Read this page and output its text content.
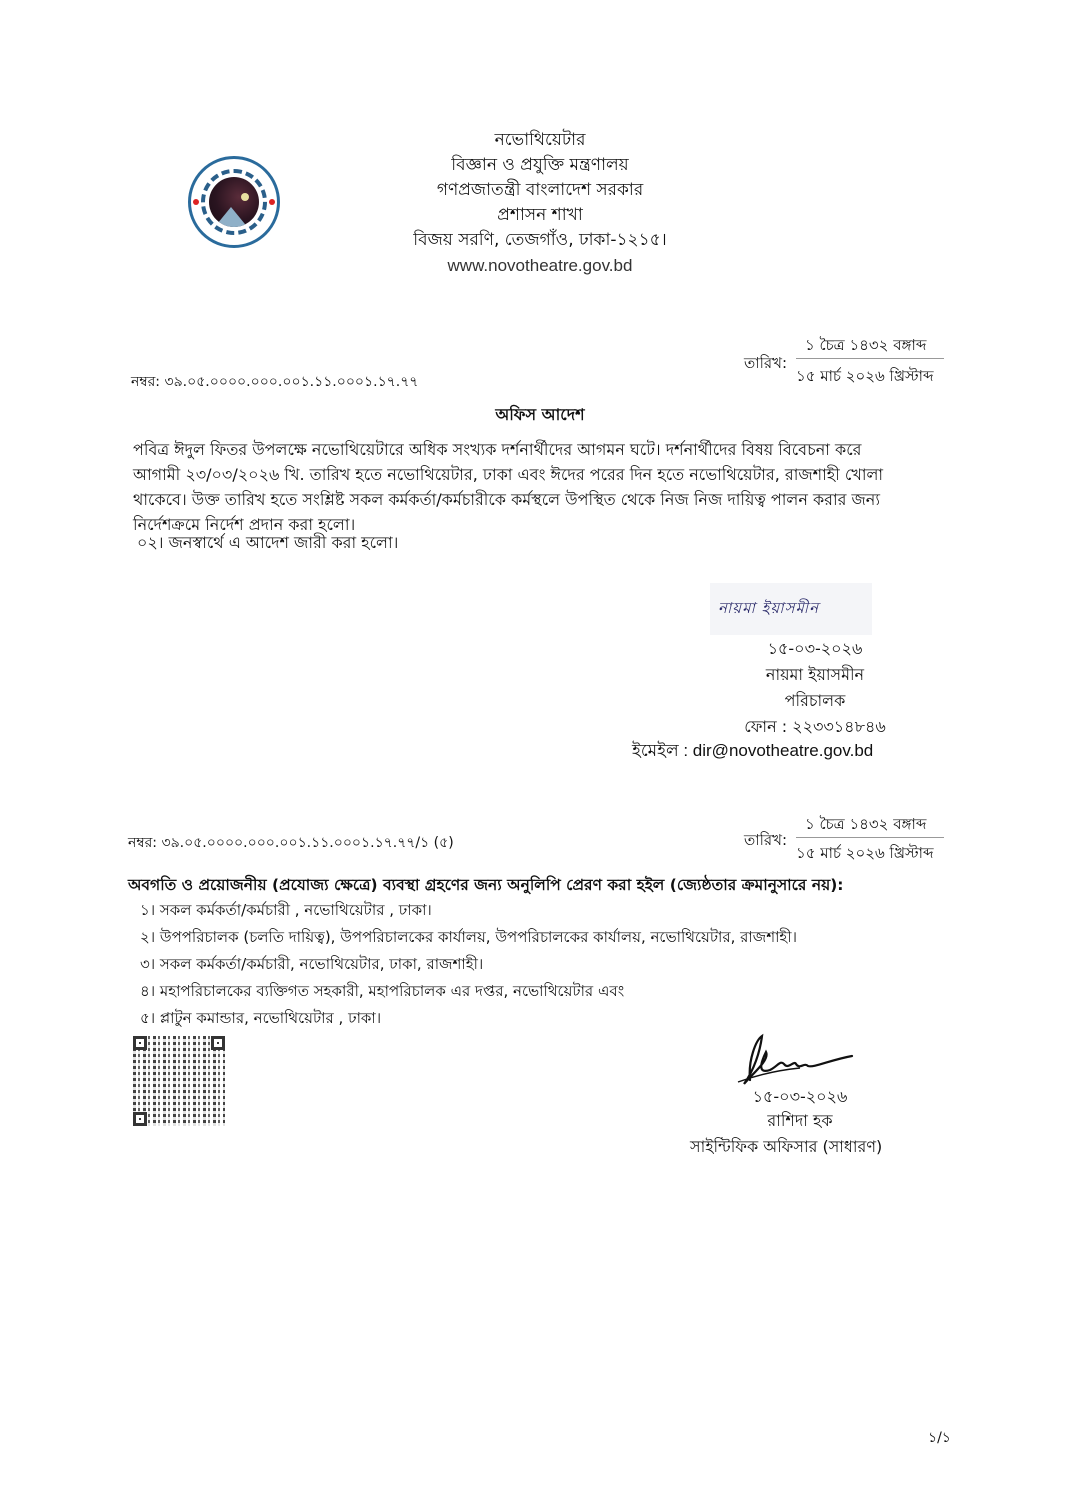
নভোথিয়েটার
বিজ্ঞান ও প্রযুক্তি মন্ত্রণালয়
গণপ্রজাতন্ত্রী বাংলাদেশ সরকার
প্রশাসন শাখা
বিজয় সরণি, তেজগাঁও, ঢাকা-১২১৫।
www.novotheatre.gov.bd
নম্বর: ৩৯.০৫.০০০০.০০০.০০১.১১.০০০১.১৭.৭৭
তারিখ:
১ চৈত্র ১৪৩২ বঙ্গাব্দ
১৫ মার্চ ২০২৬ খ্রিস্টাব্দ
অফিস আদেশ
পবিত্র ঈদুল ফিতর উপলক্ষে নভোথিয়েটারে অধিক সংখ্যক দর্শনার্থীদের আগমন ঘটে। দর্শনার্থীদের বিষয় বিবেচনা করে
আগামী ২৩/০৩/২০২৬ খি. তারিখ হতে নভোথিয়েটার, ঢাকা এবং ঈদের পরের দিন হতে নভোথিয়েটার, রাজশাহী খোলা
থাকেবে। উক্ত তারিখ হতে সংশ্লিষ্ট সকল কর্মকর্তা/কর্মচারীকে কর্মস্থলে উপস্থিত থেকে নিজ নিজ দায়িত্ব পালন করার জন্য
নির্দেশক্রমে নির্দেশ প্রদান করা হলো।
০২। জনস্বার্থে এ আদেশ জারী করা হলো।
নায়মা ইয়াসমীন
১৫-০৩-২০২৬
নায়মা ইয়াসমীন
পরিচালক
ফোন : ২২৩৩১৪৮৪৬
ইমেইল : dir@novotheatre.gov.bd
নম্বর: ৩৯.০৫.০০০০.০০০.০০১.১১.০০০১.১৭.৭৭/১ (৫)	তারিখ:
১ চৈত্র ১৪৩২ বঙ্গাব্দ
১৫ মার্চ ২০২৬ খ্রিস্টাব্দ
অবগতি ও প্রয়োজনীয় (প্রযোজ্য ক্ষেত্রে) ব্যবস্থা গ্রহণের জন্য অনুলিপি প্রেরণ করা হইল (জ্যেষ্ঠতার ক্রমানুসারে নয়):
১। সকল কর্মকর্তা/কর্মচারী , নভোথিয়েটার , ঢাকা।
২। উপপরিচালক (চলতি দায়িত্ব), উপপরিচালকের কার্যালয়, উপপরিচালকের কার্যালয়, নভোথিয়েটার, রাজশাহী।
৩। সকল কর্মকর্তা/কর্মচারী, নভোথিয়েটার, ঢাকা, রাজশাহী।
৪। মহাপরিচালকের ব্যক্তিগত সহকারী, মহাপরিচালক এর দপ্তর, নভোথিয়েটার এবং
৫। প্লাটুন কমান্ডার, নভোথিয়েটার , ঢাকা।
১৫-০৩-২০২৬
রাশিদা হক
সাইন্টিফিক অফিসার (সাধারণ)
১/১
